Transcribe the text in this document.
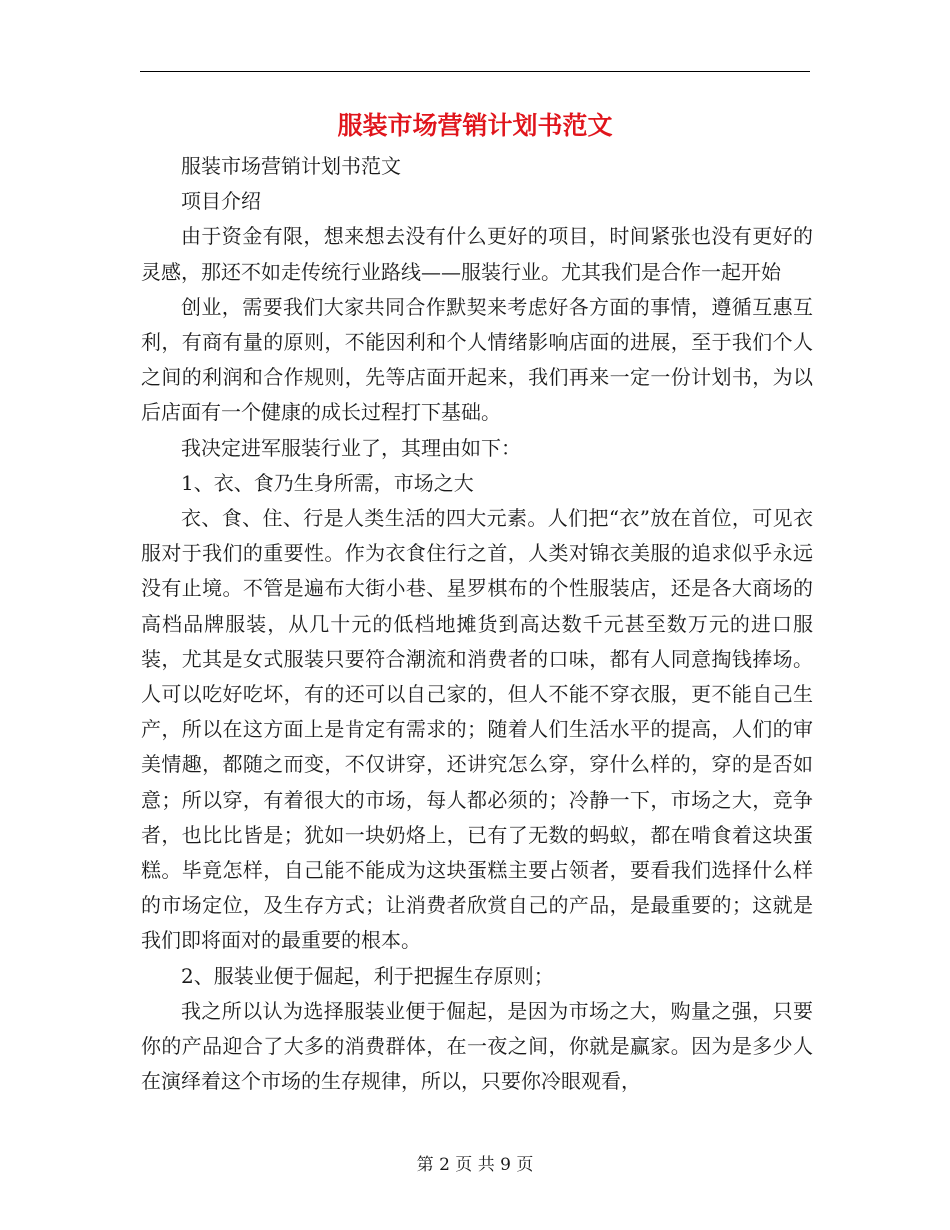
服装市场营销计划书范文

服装市场营销计划书范文

项目介绍

由于资金有限，想来想去没有什么更好的项目，时间紧张也没有更好的灵感，那还不如走传统行业路线——服装行业。尤其我们是合作一起开始

创业，需要我们大家共同合作默契来考虑好各方面的事情，遵循互惠互利，有商有量的原则，不能因利和个人情绪影响店面的进展，至于我们个人之间的利润和合作规则，先等店面开起来，我们再来一定一份计划书，为以后店面有一个健康的成长过程打下基础。

我决定进军服装行业了，其理由如下：

1、衣、食乃生身所需，市场之大

衣、食、住、行是人类生活的四大元素。人们把“衣”放在首位，可见衣服对于我们的重要性。作为衣食住行之首，人类对锦衣美服的追求似乎永远没有止境。不管是遍布大街小巷、星罗棋布的个性服装店，还是各大商场的高档品牌服装，从几十元的低档地摊货到高达数千元甚至数万元的进口服装，尤其是女式服装只要符合潮流和消费者的口味，都有人同意掏钱捧场。人可以吃好吃坏，有的还可以自己家的，但人不能不穿衣服，更不能自己生产，所以在这方面上是肯定有需求的；随着人们生活水平的提高，人们的审美情趣，都随之而变，不仅讲穿，还讲究怎么穿，穿什么样的，穿的是否如意；所以穿，有着很大的市场，每人都必须的；冷静一下，市场之大，竞争者，也比比皆是；犹如一块奶烙上，已有了无数的蚂蚁，都在啃食着这块蛋糕。毕竟怎样，自己能不能成为这块蛋糕主要占领者，要看我们选择什么样的市场定位，及生存方式；让消费者欣赏自己的产品，是最重要的；这就是我们即将面对的最重要的根本。

2、服装业便于倔起，利于把握生存原则；

我之所以认为选择服装业便于倔起，是因为市场之大，购量之强，只要你的产品迎合了大多的消费群体，在一夜之间，你就是赢家。因为是多少人在演绎着这个市场的生存规律，所以，只要你冷眼观看，

第 2 页 共 9 页
